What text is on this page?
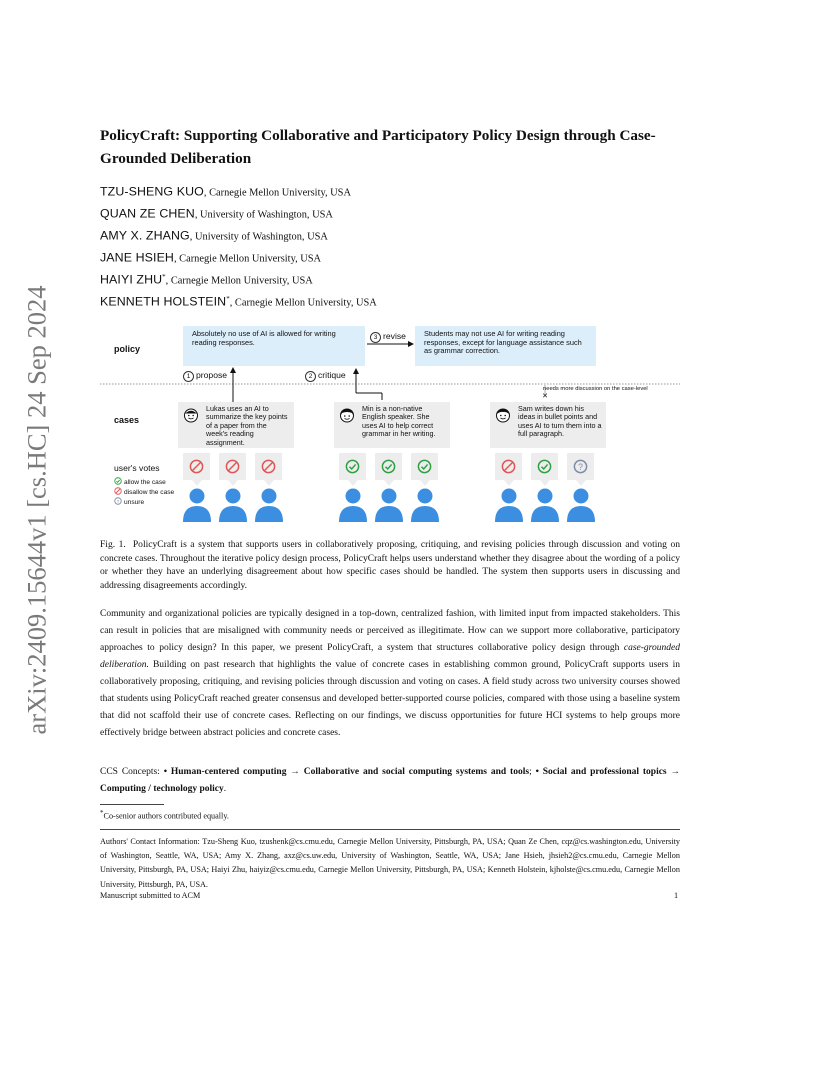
arXiv:2409.15644v1 [cs.HC] 24 Sep 2024
PolicyCraft: Supporting Collaborative and Participatory Policy Design through Case-Grounded Deliberation
TZU-SHENG KUO, Carnegie Mellon University, USA
QUAN ZE CHEN, University of Washington, USA
AMY X. ZHANG, University of Washington, USA
JANE HSIEH, Carnegie Mellon University, USA
HAIYI ZHU*, Carnegie Mellon University, USA
KENNETH HOLSTEIN*, Carnegie Mellon University, USA
✕
policy
cases
user's votes
Absolutely no use of AI is allowed for writing reading responses.
Students may not use AI for writing reading responses, except for language assistance such as grammar correction.
1 propose	2 critique
3 revise
needs more discussion on the case-level
Lukas uses an AI to summarize the key points of a paper from the week's reading assignment.
Min is a non-native English speaker. She uses AI to help correct grammar in her writing.
Sam writes down his ideas in bullet points and uses AI to turn them into a full paragraph.
?
allow the case
disallow the case
? unsure

Fig. 1. PolicyCraft is a system that supports users in collaboratively proposing, critiquing, and revising policies through discussion and voting on concrete cases. Throughout the iterative policy design process, PolicyCraft helps users understand whether they disagree about the wording of a policy or whether they have an underlying disagreement about how specific cases should be handled. The system then supports users in discussing and addressing disagreements accordingly.

Community and organizational policies are typically designed in a top-down, centralized fashion, with limited input from impacted stakeholders. This can result in policies that are misaligned with community needs or perceived as illegitimate. How can we support more collaborative, participatory approaches to policy design? In this paper, we present PolicyCraft, a system that structures collaborative policy design through case-grounded deliberation. Building on past research that highlights the value of concrete cases in establishing common ground, PolicyCraft supports users in collaboratively proposing, critiquing, and revising policies through discussion and voting on cases. A field study across two university courses showed that students using PolicyCraft reached greater consensus and developed better-supported course policies, compared with those using a baseline system that did not scaffold their use of concrete cases. Reflecting on our findings, we discuss opportunities for future HCI systems to help groups more effectively bridge between abstract policies and concrete cases.

CCS Concepts: • Human-centered computing → Collaborative and social computing systems and tools; • Social and professional topics → Computing / technology policy.

*Co-senior authors contributed equally.

Authors' Contact Information: Tzu-Sheng Kuo, tzushenk@cs.cmu.edu, Carnegie Mellon University, Pittsburgh, PA, USA; Quan Ze Chen, cqz@cs.washington.edu, University of Washington, Seattle, WA, USA; Amy X. Zhang, axz@cs.uw.edu, University of Washington, Seattle, WA, USA; Jane Hsieh, jhsieh2@cs.cmu.edu, Carnegie Mellon University, Pittsburgh, PA, USA; Haiyi Zhu, haiyiz@cs.cmu.edu, Carnegie Mellon University, Pittsburgh, PA, USA; Kenneth Holstein, kjholste@cs.cmu.edu, Carnegie Mellon University, Pittsburgh, PA, USA.

Manuscript submitted to ACM	1
